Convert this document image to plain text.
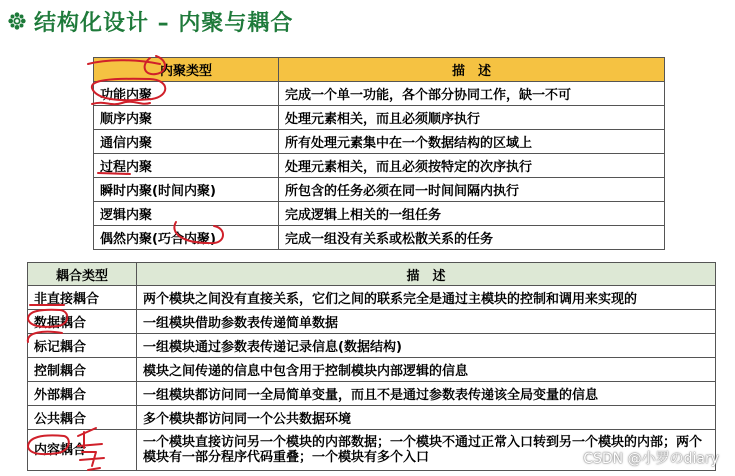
结构化设计 – 内聚与耦合
内聚类型	描　述
功能内聚	完成一个单一功能，各个部分协同工作，缺一不可
顺序内聚	处理元素相关，而且必须顺序执行
通信内聚	所有处理元素集中在一个数据结构的区域上
过程内聚	处理元素相关，而且必须按特定的次序执行
瞬时内聚(时间内聚)	所包含的任务必须在同一时间间隔内执行
逻辑内聚	完成逻辑上相关的一组任务
偶然内聚(巧合内聚)	完成一组没有关系或松散关系的任务
耦合类型	描　述
非直接耦合	两个模块之间没有直接关系，它们之间的联系完全是通过主模块的控制和调用来实现的
数据耦合	一组模块借助参数表传递简单数据
标记耦合	一组模块通过参数表传递记录信息(数据结构)
控制耦合	模块之间传递的信息中包含用于控制模块内部逻辑的信息
外部耦合	一组模块都访问同一全局简单变量，而且不是通过参数表传递该全局变量的信息
公共耦合	多个模块都访问同一个公共数据环境
内容耦合	一个模块直接访问另一个模块的内部数据；一个模块不通过正常入口转到另一个模块的内部；两个模块有一部分程序代码重叠；一个模块有多个入口	CSDN @小罗のdiary
